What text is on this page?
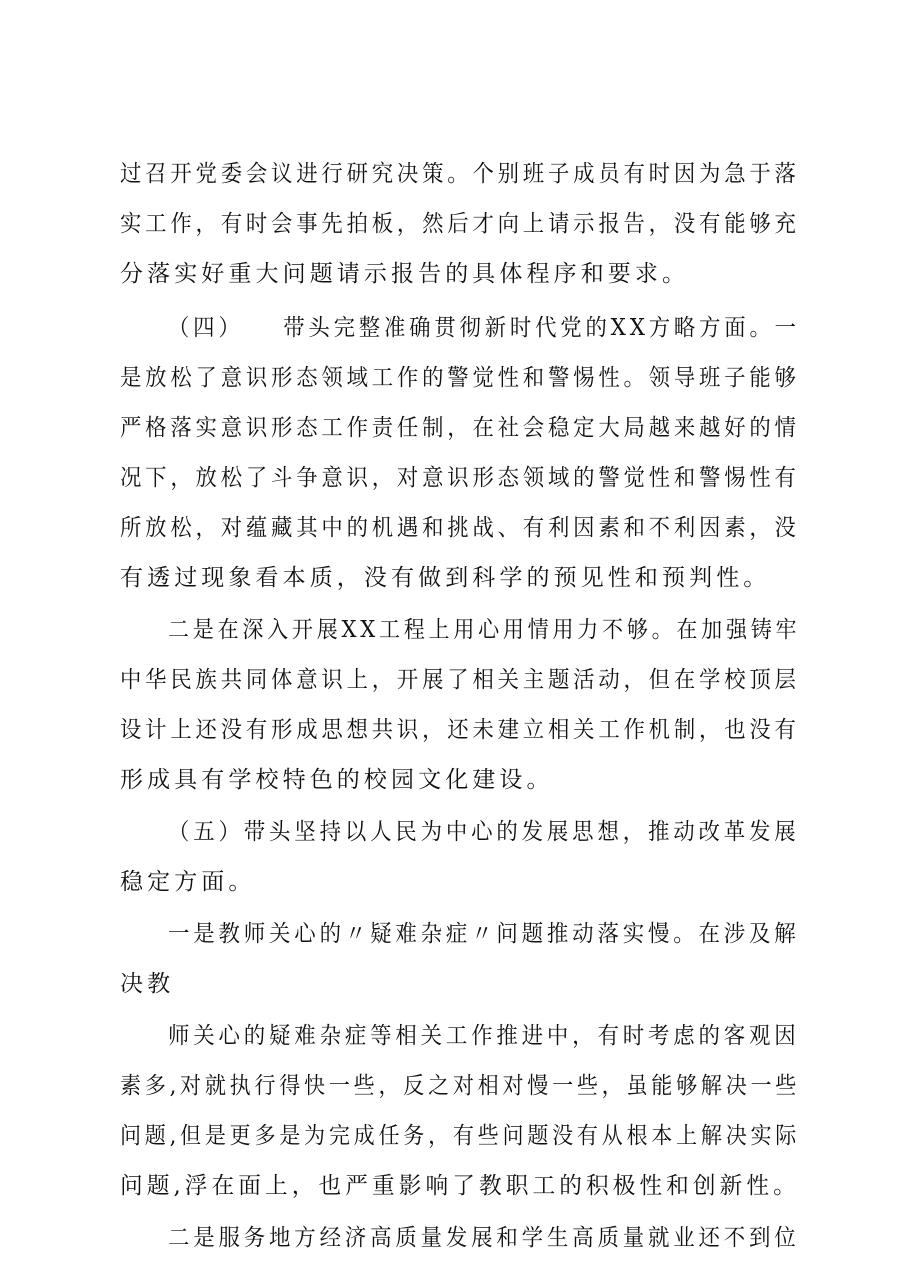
过召开党委会议进行研究决策。个别班子成员有时因为急于落
实工作，有时会事先拍板，然后才向上请示报告，没有能够充
分落实好重大问题请示报告的具体程序和要求。
（四）　　带头完整准确贯彻新时代党的XX方略方面。一
是放松了意识形态领域工作的警觉性和警惕性。领导班子能够
严格落实意识形态工作责任制，在社会稳定大局越来越好的情
况下，放松了斗争意识，对意识形态领域的警觉性和警惕性有
所放松，对蕴藏其中的机遇和挑战、有利因素和不利因素，没
有透过现象看本质，没有做到科学的预见性和预判性。
二是在深入开展XX工程上用心用情用力不够。在加强铸牢
中华民族共同体意识上，开展了相关主题活动，但在学校顶层
设计上还没有形成思想共识，还未建立相关工作机制，也没有
形成具有学校特色的校园文化建设。
（五）带头坚持以人民为中心的发展思想，推动改革发展
稳定方面。
一是教师关心的〃疑难杂症〃问题推动落实慢。在涉及解
决教
师关心的疑难杂症等相关工作推进中，有时考虑的客观因
素多,对就执行得快一些，反之对相对慢一些，虽能够解决一些
问题,但是更多是为完成任务，有些问题没有从根本上解决实际
问题,浮在面上，也严重影响了教职工的积极性和创新性。
二是服务地方经济高质量发展和学生高质量就业还不到位
